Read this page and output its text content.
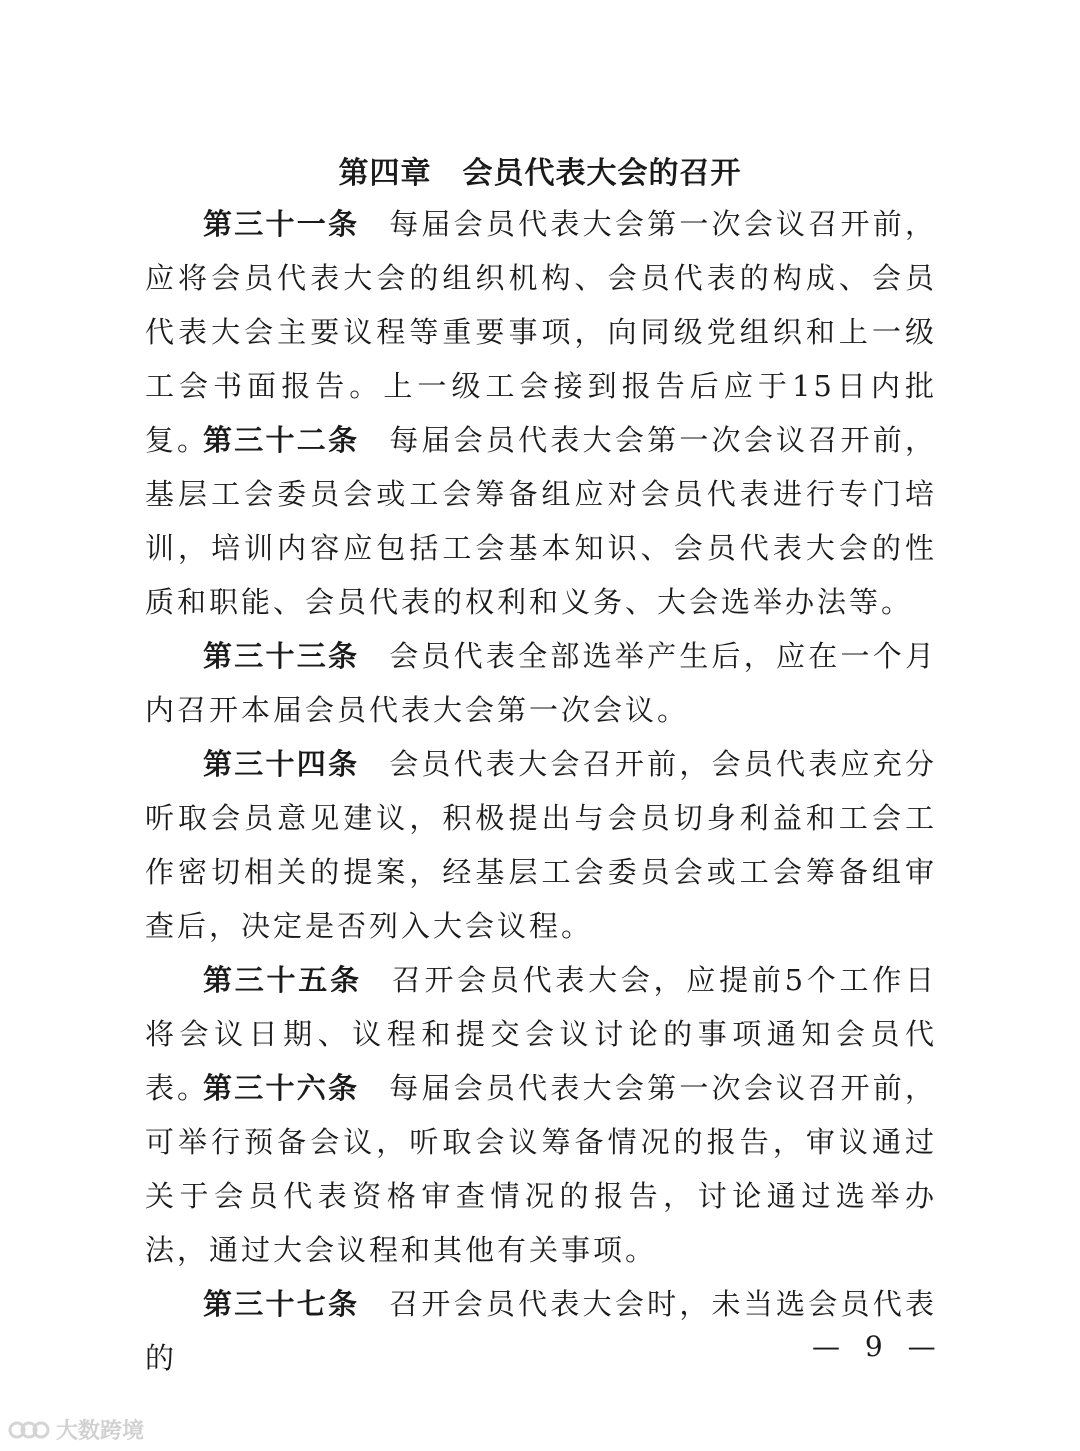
第四章　会员代表大会的召开
第三十一条 每届会员代表大会第一次会议召开前，应将会员代表大会的组织机构、会员代表的构成、会员代表大会主要议程等重要事项，向同级党组织和上一级工会书面报告。上一级工会接到报告后应于15日内批复。
第三十二条 每届会员代表大会第一次会议召开前，基层工会委员会或工会筹备组应对会员代表进行专门培训，培训内容应包括工会基本知识、会员代表大会的性质和职能、会员代表的权利和义务、大会选举办法等。
第三十三条 会员代表全部选举产生后，应在一个月内召开本届会员代表大会第一次会议。
第三十四条 会员代表大会召开前，会员代表应充分听取会员意见建议，积极提出与会员切身利益和工会工作密切相关的提案，经基层工会委员会或工会筹备组审查后，决定是否列入大会议程。
第三十五条 召开会员代表大会，应提前5个工作日将会议日期、议程和提交会议讨论的事项通知会员代表。
第三十六条 每届会员代表大会第一次会议召开前，可举行预备会议，听取会议筹备情况的报告，审议通过关于会员代表资格审查情况的报告，讨论通过选举办法，通过大会议程和其他有关事项。
第三十七条 召开会员代表大会时，未当选会员代表的	— 9 —
大数跨境
